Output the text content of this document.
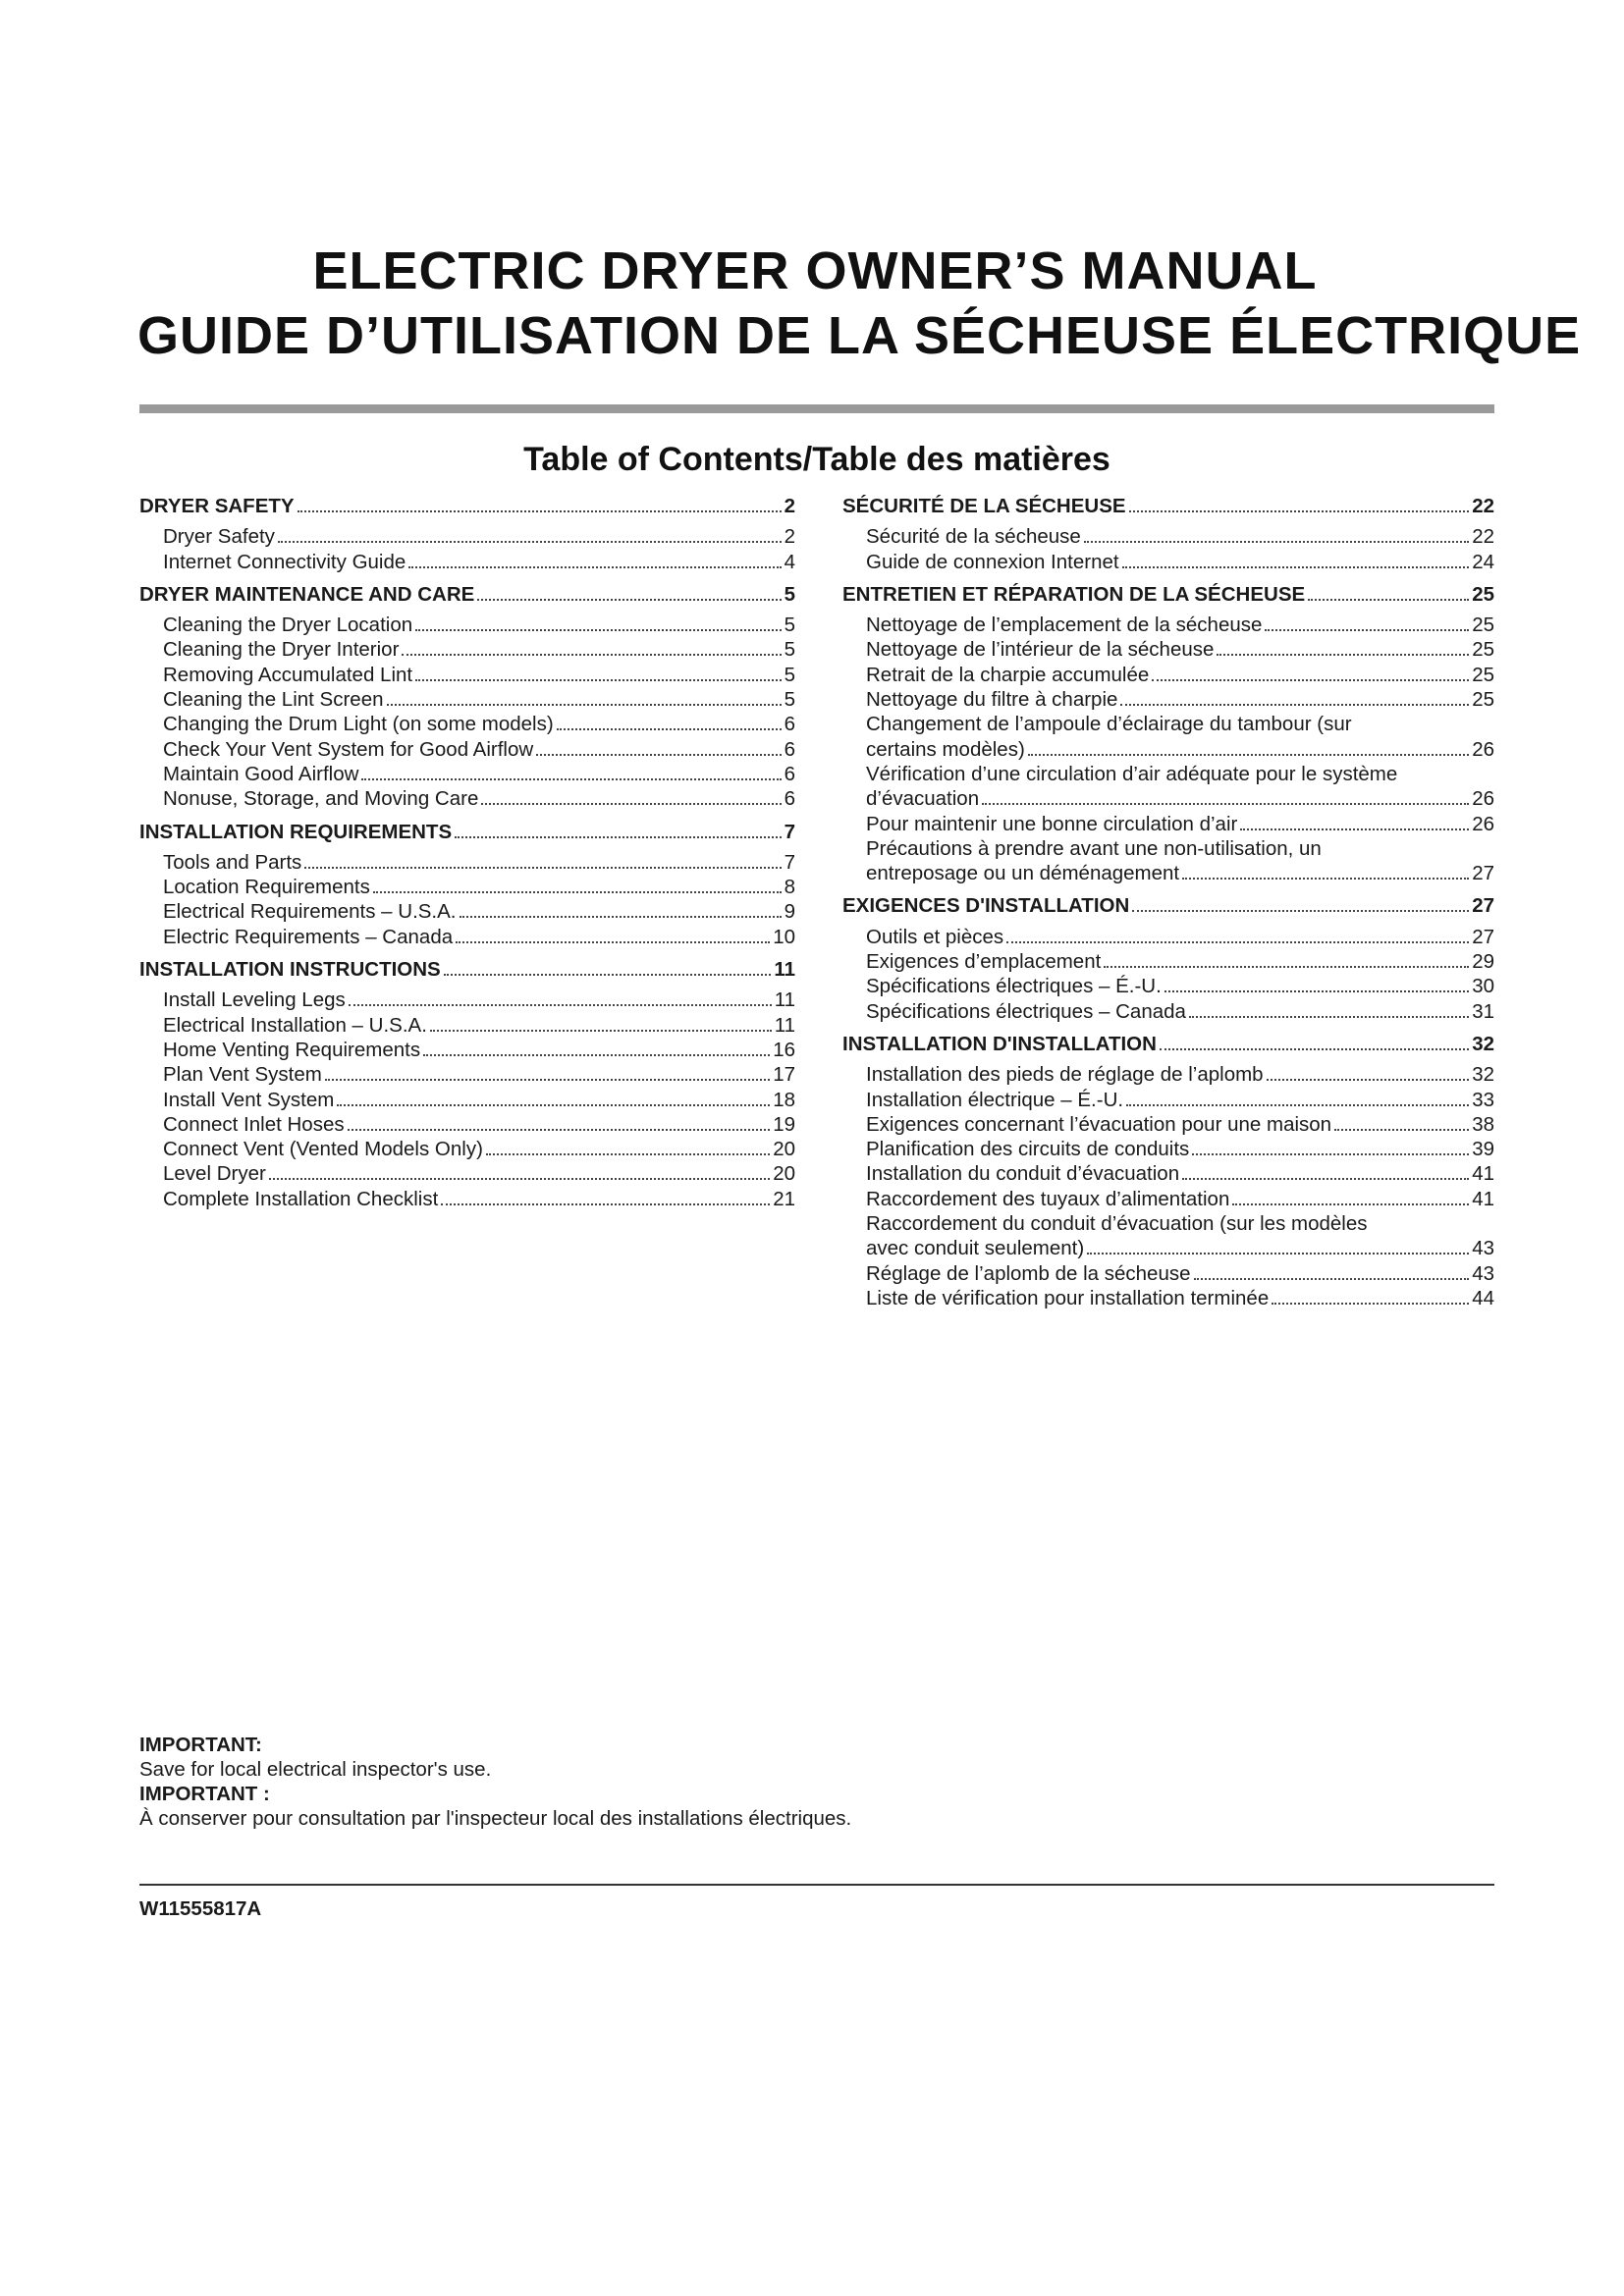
ELECTRIC DRYER OWNER’S MANUAL
GUIDE D’UTILISATION DE LA SÉCHEUSE ÉLECTRIQUE
Table of Contents/Table des matières
DRYER SAFETY	2
Dryer Safety	2
Internet Connectivity Guide	4
DRYER MAINTENANCE AND CARE	5
Cleaning the Dryer Location	5
Cleaning the Dryer Interior	5
Removing Accumulated Lint	5
Cleaning the Lint Screen	5
Changing the Drum Light (on some models)	6
Check Your Vent System for Good Airflow	6
Maintain Good Airflow	6
Nonuse, Storage, and Moving Care	6
INSTALLATION REQUIREMENTS	7
Tools and Parts	7
Location Requirements	8
Electrical Requirements – U.S.A.	9
Electric Requirements – Canada	10
INSTALLATION INSTRUCTIONS	11
Install Leveling Legs	11
Electrical Installation – U.S.A.	11
Home Venting Requirements	16
Plan Vent System	17
Install Vent System	18
Connect Inlet Hoses	19
Connect Vent (Vented Models Only)	20
Level Dryer	20
Complete Installation Checklist	21
SÉCURITÉ DE LA SÉCHEUSE	22
Sécurité de la sécheuse	22
Guide de connexion Internet	24
ENTRETIEN ET RÉPARATION DE LA SÉCHEUSE	25
Nettoyage de l’emplacement de la sécheuse	25
Nettoyage de l’intérieur de la sécheuse	25
Retrait de la charpie accumulée	25
Nettoyage du filtre à charpie	25
Changement de l’ampoule d’éclairage du tambour (sur
certains modèles)	26
Vérification d’une circulation d’air adéquate pour le système
d’évacuation	26
Pour maintenir une bonne circulation d’air	26
Précautions à prendre avant une non-utilisation, un
entreposage ou un déménagement	27
EXIGENCES D'INSTALLATION	27
Outils et pièces	27
Exigences d’emplacement	29
Spécifications électriques – É.-U.	30
Spécifications électriques – Canada	31
INSTALLATION D'INSTALLATION	32
Installation des pieds de réglage de l’aplomb	32
Installation électrique – É.-U.	33
Exigences concernant l’évacuation pour une maison	38
Planification des circuits de conduits	39
Installation du conduit d’évacuation	41
Raccordement des tuyaux d’alimentation	41
Raccordement du conduit d’évacuation (sur les modèles
avec conduit seulement)	43
Réglage de l’aplomb de la sécheuse	43
Liste de vérification pour installation terminée	44
IMPORTANT:
Save for local electrical inspector's use.
IMPORTANT :
À conserver pour consultation par l'inspecteur local des installations électriques.
W11555817A
